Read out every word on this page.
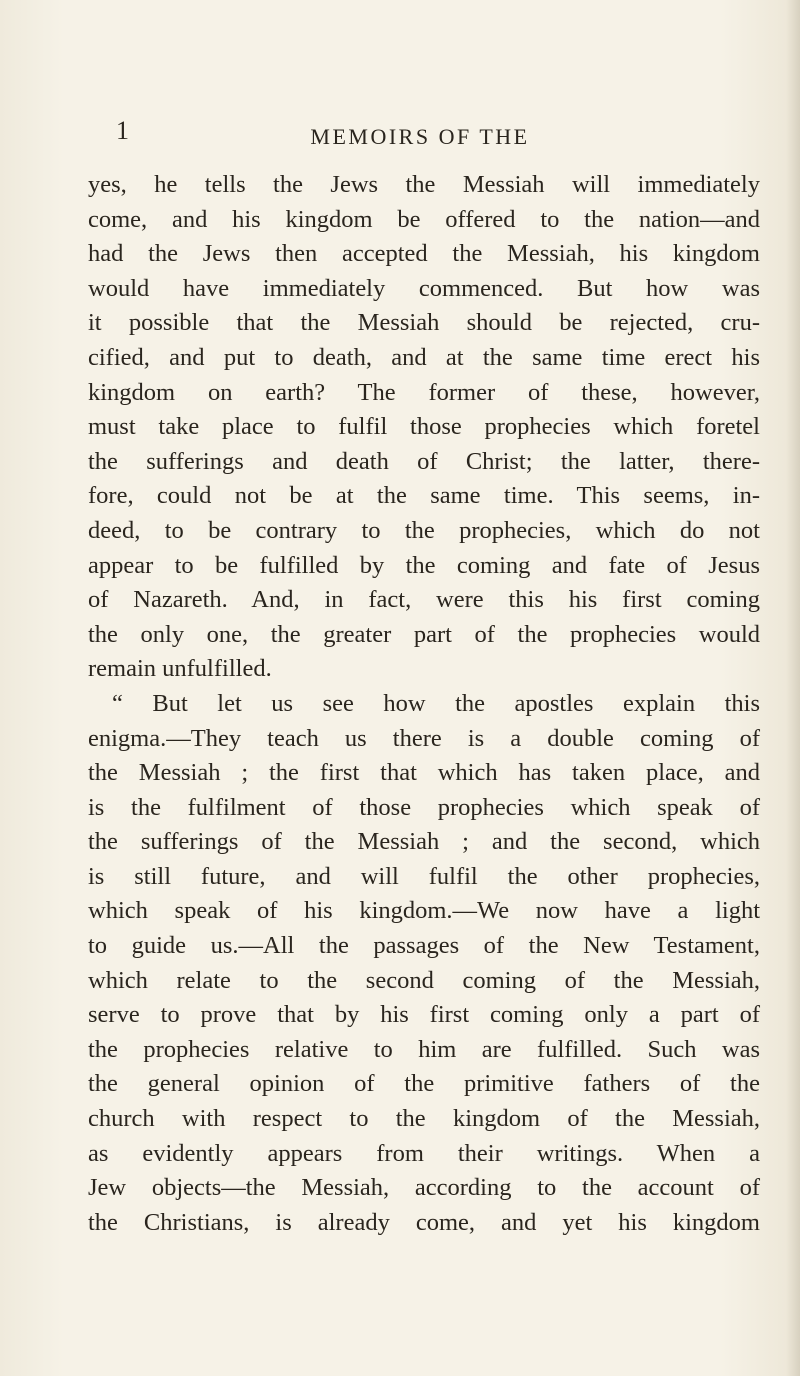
1	MEMOIRS OF THE
yes, he tells the Jews the Messiah will immediately
come, and his kingdom be offered to the nation—and
had the Jews then accepted the Messiah, his kingdom
would have immediately commenced. But how was
it possible that the Messiah should be rejected, cru-
cified, and put to death, and at the same time erect his
kingdom on earth? The former of these, however,
must take place to fulfil those prophecies which foretel
the sufferings and death of Christ; the latter, there-
fore, could not be at the same time. This seems, in-
deed, to be contrary to the prophecies, which do not
appear to be fulfilled by the coming and fate of Jesus
of Nazareth. And, in fact, were this his first coming
the only one, the greater part of the prophecies would
remain unfulfilled.
“ But let us see how the apostles explain this
enigma.—They teach us there is a double coming of
the Messiah ; the first that which has taken place, and
is the fulfilment of those prophecies which speak of
the sufferings of the Messiah ; and the second, which
is still future, and will fulfil the other prophecies,
which speak of his kingdom.—We now have a light
to guide us.—All the passages of the New Testament,
which relate to the second coming of the Messiah,
serve to prove that by his first coming only a part of
the prophecies relative to him are fulfilled. Such was
the general opinion of the primitive fathers of the
church with respect to the kingdom of the Messiah,
as evidently appears from their writings. When a
Jew objects—the Messiah, according to the account of
the Christians, is already come, and yet his kingdom
